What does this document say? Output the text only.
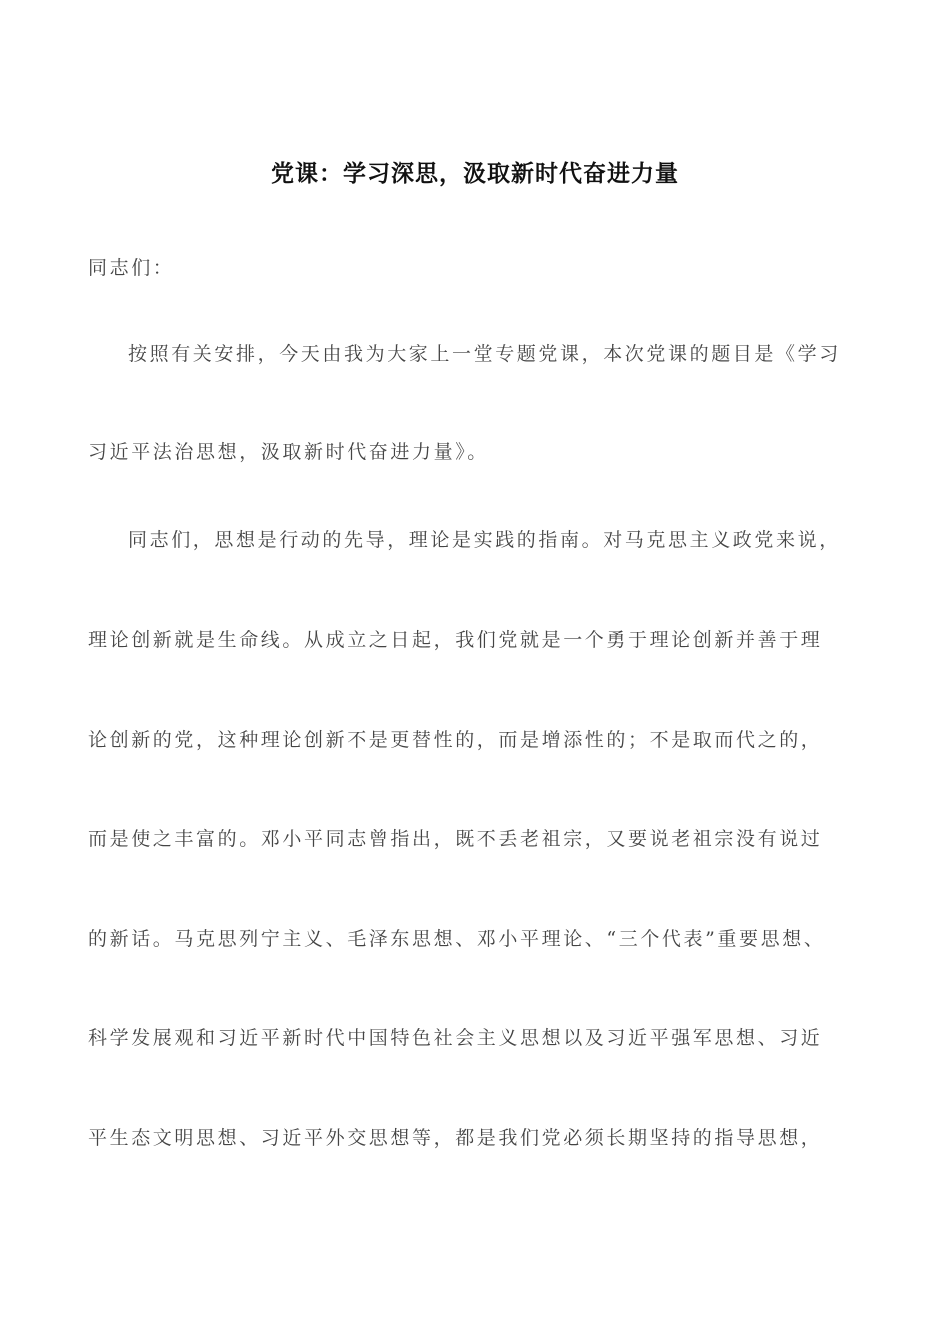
党课：学习深思，汲取新时代奋进力量
同志们：
按照有关安排，今天由我为大家上一堂专题党课，本次党课的题目是《学习
习近平法治思想，汲取新时代奋进力量》。
同志们，思想是行动的先导，理论是实践的指南。对马克思主义政党来说，
理论创新就是生命线。从成立之日起，我们党就是一个勇于理论创新并善于理
论创新的党，这种理论创新不是更替性的，而是增添性的；不是取而代之的，
而是使之丰富的。邓小平同志曾指出，既不丢老祖宗，又要说老祖宗没有说过
的新话。马克思列宁主义、毛泽东思想、邓小平理论、“三个代表”重要思想、
科学发展观和习近平新时代中国特色社会主义思想以及习近平强军思想、习近
平生态文明思想、习近平外交思想等，都是我们党必须长期坚持的指导思想，
